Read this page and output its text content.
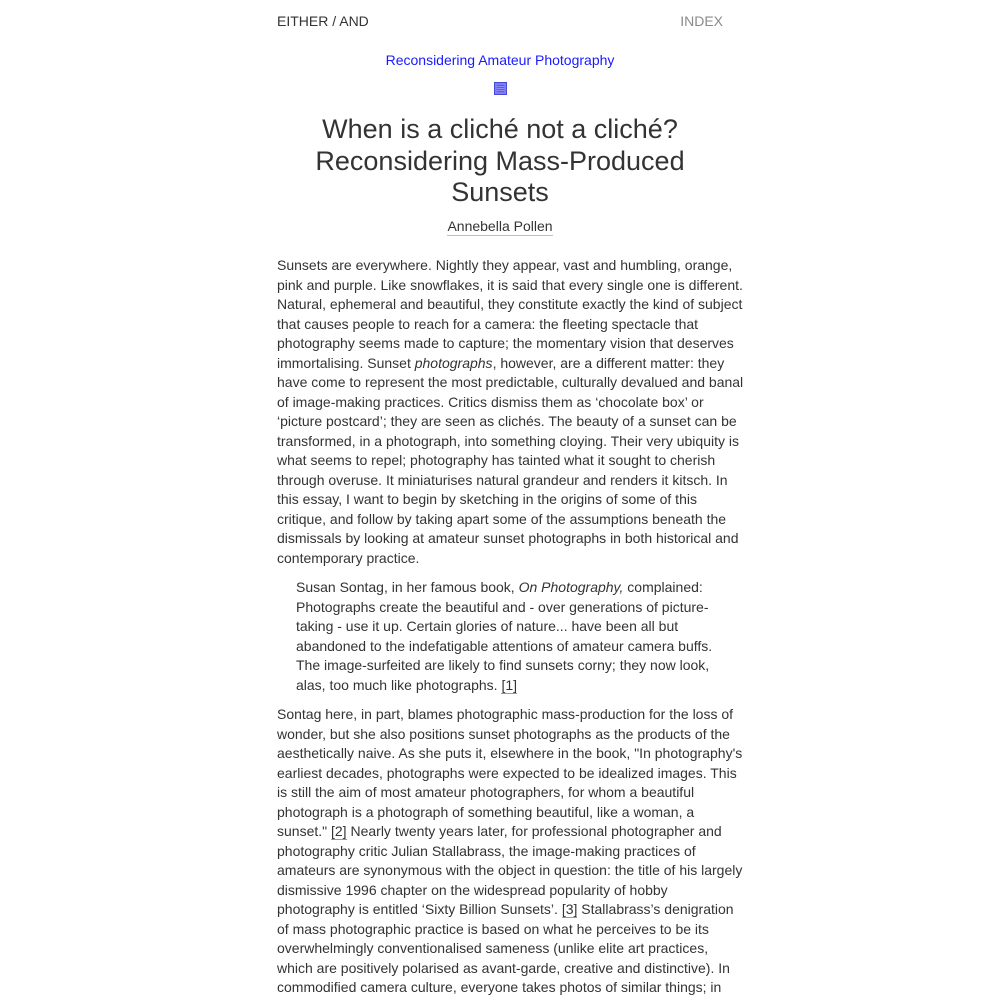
EITHER / AND	INDEX
Reconsidering Amateur Photography
When is a cliché not a cliché?
Reconsidering Mass-Produced
Sunsets
Annebella Pollen

Sunsets are everywhere. Nightly they appear, vast and humbling, orange,
pink and purple. Like snowflakes, it is said that every single one is different.
Natural, ephemeral and beautiful, they constitute exactly the kind of subject
that causes people to reach for a camera: the fleeting spectacle that
photography seems made to capture; the momentary vision that deserves
immortalising. Sunset photographs, however, are a different matter: they
have come to represent the most predictable, culturally devalued and banal
of image-making practices. Critics dismiss them as ‘chocolate box’ or
‘picture postcard’; they are seen as clichés. The beauty of a sunset can be
transformed, in a photograph, into something cloying. Their very ubiquity is
what seems to repel; photography has tainted what it sought to cherish
through overuse. It miniaturises natural grandeur and renders it kitsch. In
this essay, I want to begin by sketching in the origins of some of this
critique, and follow by taking apart some of the assumptions beneath the
dismissals by looking at amateur sunset photographs in both historical and
contemporary practice.

Susan Sontag, in her famous book, On Photography, complained:
Photographs create the beautiful and - over generations of picture-
taking - use it up. Certain glories of nature... have been all but
abandoned to the indefatigable attentions of amateur camera buffs.
The image-surfeited are likely to find sunsets corny; they now look,
alas, too much like photographs. [1]

Sontag here, in part, blames photographic mass-production for the loss of
wonder, but she also positions sunset photographs as the products of the
aesthetically naive. As she puts it, elsewhere in the book, "In photography's
earliest decades, photographs were expected to be idealized images. This
is still the aim of most amateur photographers, for whom a beautiful
photograph is a photograph of something beautiful, like a woman, a
sunset." [2] Nearly twenty years later, for professional photographer and
photography critic Julian Stallabrass, the image-making practices of
amateurs are synonymous with the object in question: the title of his largely
dismissive 1996 chapter on the widespread popularity of hobby
photography is entitled ‘Sixty Billion Sunsets’. [3] Stallabrass’s denigration
of mass photographic practice is based on what he perceives to be its
overwhelmingly conventionalised sameness (unlike elite art practices,
which are positively polarised as avant-garde, creative and distinctive). In
commodified camera culture, everyone takes photos of similar things; in
